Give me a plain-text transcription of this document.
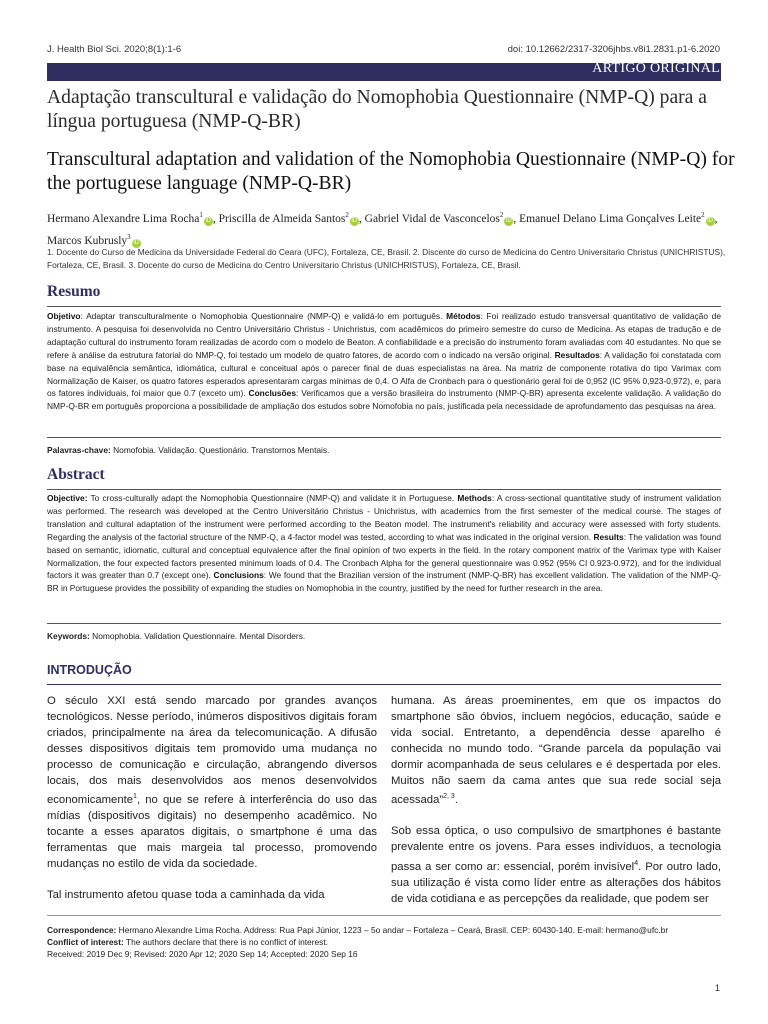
J. Health Biol Sci. 2020;8(1):1-6	doi: 10.12662/2317-3206jhbs.v8i1.2831.p1-6.2020
ARTIGO ORIGINAL
Adaptação transcultural e validação do Nomophobia Questionnaire (NMP-Q) para a língua portuguesa (NMP-Q-BR)
Transcultural adaptation and validation of the Nomophobia Questionnaire (NMP-Q) for the portuguese language (NMP-Q-BR)
Hermano Alexandre Lima Rocha$^1$iD , Priscilla de Almeida Santos$^2$iD , Gabriel Vidal de Vasconcelos$^2$iD , Emanuel Delano Lima Gonçalves Leite$^2$iD , Marcos Kubrusly$^3$iD
1. Docente do Curso de Medicina da Universidade Federal do Ceara (UFC), Fortaleza, CE, Brasil. 2. Discente do curso de Medicina do Centro Universitario Christus (UNICHRISTUS), Fortaleza, CE, Brasil. 3. Docente do curso de Medicina do Centro Universitario Christus (UNICHRISTUS), Fortaleza, CE, Brasil.
Resumo
Objetivo: Adaptar transculturalmente o Nomophobia Questionnaire (NMP-Q) e validá-lo em português. Métodos: Foi realizado estudo transversal quantitativo de validação de instrumento. A pesquisa foi desenvolvida no Centro Universitário Christus - Unichristus, com acadêmicos do primeiro semestre do curso de Medicina. As etapas de tradução e de adaptação cultural do instrumento foram realizadas de acordo com o modelo de Beaton. A confiabilidade e a precisão do instrumento foram avaliadas com 40 estudantes. No que se refere à análise da estrutura fatorial do NMP-Q, foi testado um modelo de quatro fatores, de acordo com o indicado na versão original. Resultados: A validação foi constatada com base na equivalência semântica, idiomática, cultural e conceitual após o parecer final de duas especialistas na área. Na matriz de componente rotativa do tipo Varimax com Normalização de Kaiser, os quatro fatores esperados apresentaram cargas mínimas de 0,4. O Alfa de Cronbach para o questionário geral foi de 0,952 (IC 95% 0,923-0,972), e, para os fatores individuais, foi maior que 0.7 (exceto um). Conclusões: Verificamos que a versão brasileira do instrumento (NMP-Q-BR) apresenta excelente validação. A validação do NMP-Q-BR em português proporciona a possibilidade de ampliação dos estudos sobre Nomofobia no país, justificada pela necessidade de aprofundamento das pesquisas na área.
Palavras-chave: Nomofobia. Validação. Questionário. Transtornos Mentais.
Abstract
Objective: To cross-culturally adapt the Nomophobia Questionnaire (NMP-Q) and validate it in Portuguese. Methods: A cross-sectional quantitative study of instrument validation was performed. The research was developed at the Centro Universitário Christus - Unichristus, with academics from the first semester of the medical course. The stages of translation and cultural adaptation of the instrument were performed according to the Beaton model. The instrument's reliability and accuracy were assessed with forty students. Regarding the analysis of the factorial structure of the NMP-Q, a 4-factor model was tested, according to what was indicated in the original version. Results: The validation was found based on semantic, idiomatic, cultural and conceptual equivalence after the final opinion of two experts in the field. In the rotary component matrix of the Varimax type with Kaiser Normalization, the four expected factors presented minimum loads of 0.4. The Cronbach Alpha for the general questionnaire was 0.952 (95% CI 0.923-0.972), and for the individual factors it was greater than 0.7 (except one). Conclusions: We found that the Brazilian version of the instrument (NMP-Q-BR) has excellent validation. The validation of the NMP-Q-BR in Portuguese provides the possibility of expanding the studies on Nomophobia in the country, justified by the need for further research in the area.
Keywords: Nomophobia. Validation Questionnaire. Mental Disorders.
INTRODUÇÃO

O século XXI está sendo marcado por grandes avanços tecnológicos. Nesse período, inúmeros dispositivos digitais foram criados, principalmente na área da telecomunicação. A difusão desses dispositivos digitais tem promovido uma mudança no processo de comunicação e circulação, abrangendo diversos locais, dos mais desenvolvidos aos menos desenvolvidos economicamente$^1$, no que se refere à interferência do uso das mídias (dispositivos digitais) no desempenho acadêmico. No tocante a esses aparatos digitais, o smartphone é uma das ferramentas que mais margeia tal processo, promovendo mudanças no estilo de vida da sociedade.

Tal instrumento afetou quase toda a caminhada da vida

humana. As áreas proeminentes, em que os impactos do smartphone são óbvios, incluem negócios, educação, saúde e vida social. Entretanto, a dependência desse aparelho é conhecida no mundo todo. “Grande parcela da população vai dormir acompanhada de seus celulares e é despertada por eles. Muitos não saem da cama antes que sua rede social seja acessada”$^{2, 3}$.

Sob essa óptica, o uso compulsivo de smartphones é bastante prevalente entre os jovens. Para esses indivíduos, a tecnologia passa a ser como ar: essencial, porém invisível$^4$. Por outro lado, sua utilização é vista como líder entre as alterações dos hábitos de vida cotidiana e as percepções da realidade, que podem ser

Correspondence: Hermano Alexandre Lima Rocha. Address: Rua Papi Júnior, 1223 – 5o andar – Fortaleza – Ceará, Brasil. CEP: 60430-140. E-mail: hermano@ufc.br
Conflict of interest: The authors declare that there is no conflict of interest.
Received: 2019 Dec 9; Revised: 2020 Apr 12; 2020 Sep 14; Accepted: 2020 Sep 16
1
